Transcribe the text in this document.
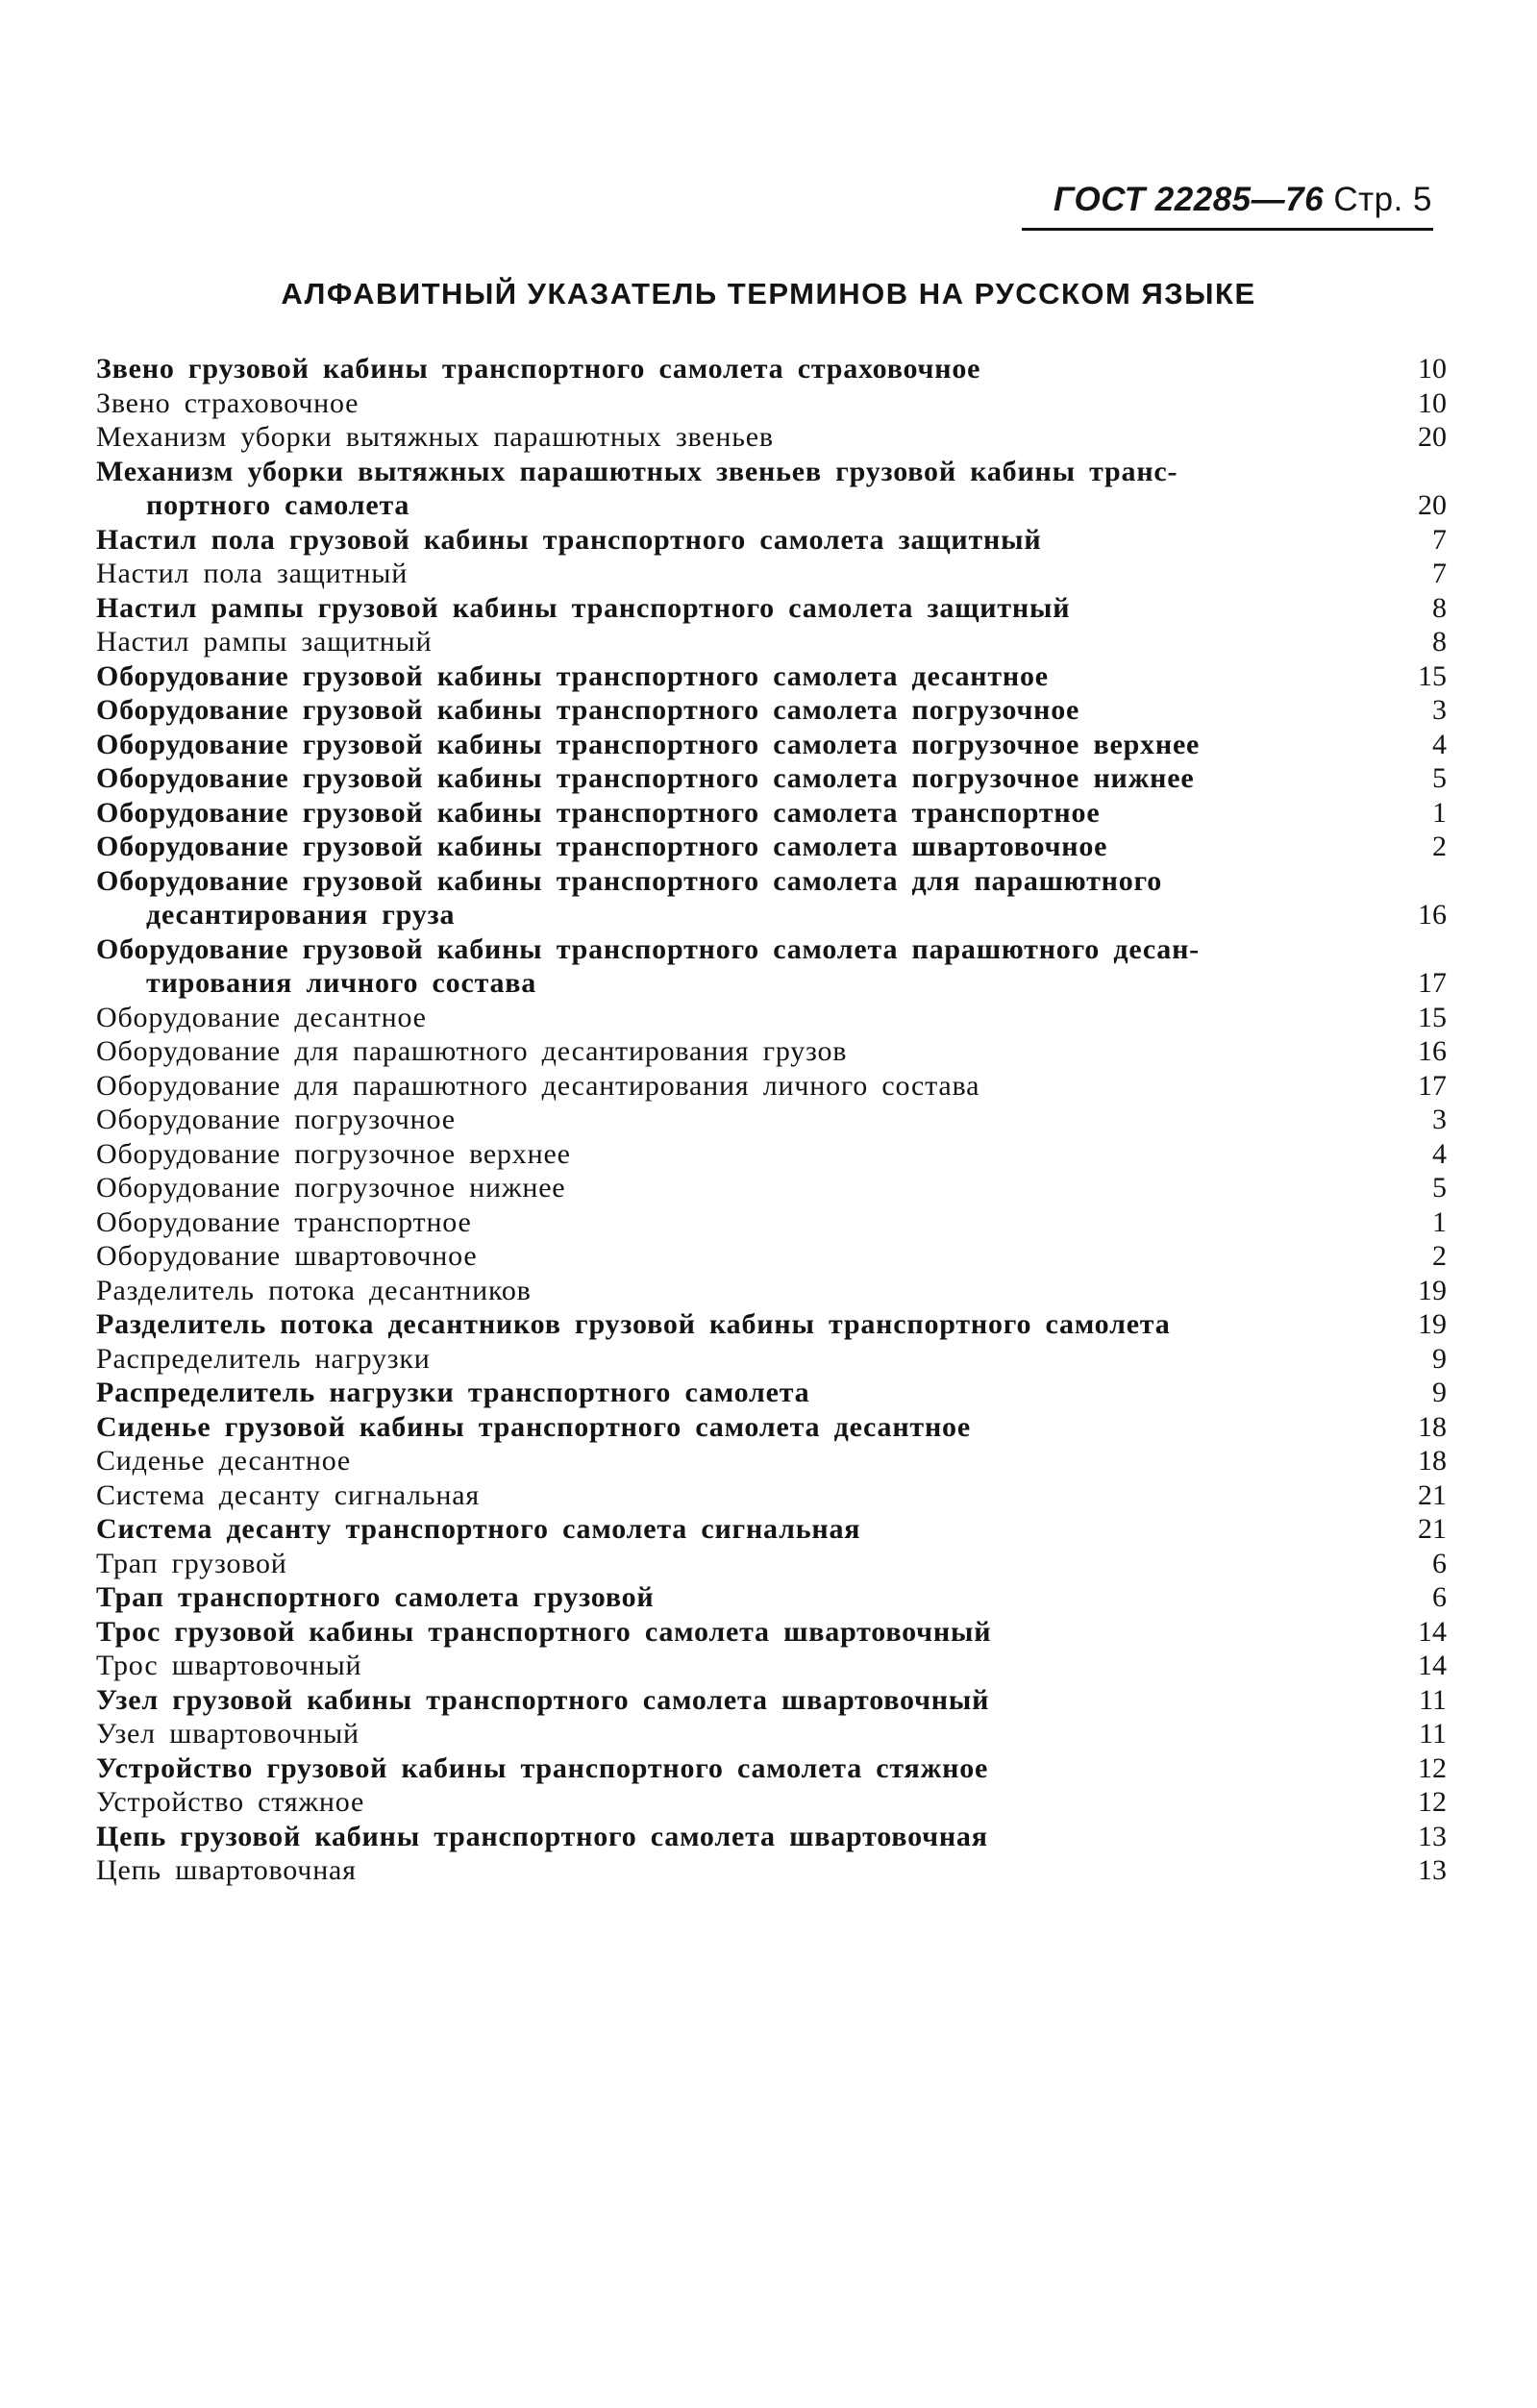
ГОСТ 22285—76 Стр. 5
АЛФАВИТНЫЙ УКАЗАТЕЛЬ ТЕРМИНОВ НА РУССКОМ ЯЗЫКЕ
Звено грузовой кабины транспортного самолета страховочное	10
Звено страховочное	10
Механизм уборки вытяжных парашютных звеньев	20
Механизм уборки вытяжных парашютных звеньев грузовой кабины транс-
портного самолета	20
Настил пола грузовой кабины транспортного самолета защитный	7
Настил пола защитный	7
Настил рампы грузовой кабины транспортного самолета защитный	8
Настил рампы защитный	8
Оборудование грузовой кабины транспортного самолета десантное	15
Оборудование грузовой кабины транспортного самолета погрузочное	3
Оборудование грузовой кабины транспортного самолета погрузочное верхнее	4
Оборудование грузовой кабины транспортного самолета погрузочное нижнее	5
Оборудование грузовой кабины транспортного самолета транспортное	1
Оборудование грузовой кабины транспортного самолета швартовочное	2
Оборудование грузовой кабины транспортного самолета для парашютного
десантирования груза	16
Оборудование грузовой кабины транспортного самолета парашютного десан-
тирования личного состава	17
Оборудование десантное	15
Оборудование для парашютного десантирования грузов	16
Оборудование для парашютного десантирования личного состава	17
Оборудование погрузочное	3
Оборудование погрузочное верхнее	4
Оборудование погрузочное нижнее	5
Оборудование транспортное	1
Оборудование швартовочное	2
Разделитель потока десантников	19
Разделитель потока десантников грузовой кабины транспортного самолета	19
Распределитель нагрузки	9
Распределитель нагрузки транспортного самолета	9
Сиденье грузовой кабины транспортного самолета десантное	18
Сиденье десантное	18
Система десанту сигнальная	21
Система десанту транспортного самолета сигнальная	21
Трап грузовой	6
Трап транспортного самолета грузовой	6
Трос грузовой кабины транспортного самолета швартовочный	14
Трос швартовочный	14
Узел грузовой кабины транспортного самолета швартовочный	11
Узел швартовочный	11
Устройство грузовой кабины транспортного самолета стяжное	12
Устройство стяжное	12
Цепь грузовой кабины транспортного самолета швартовочная	13
Цепь швартовочная	13
